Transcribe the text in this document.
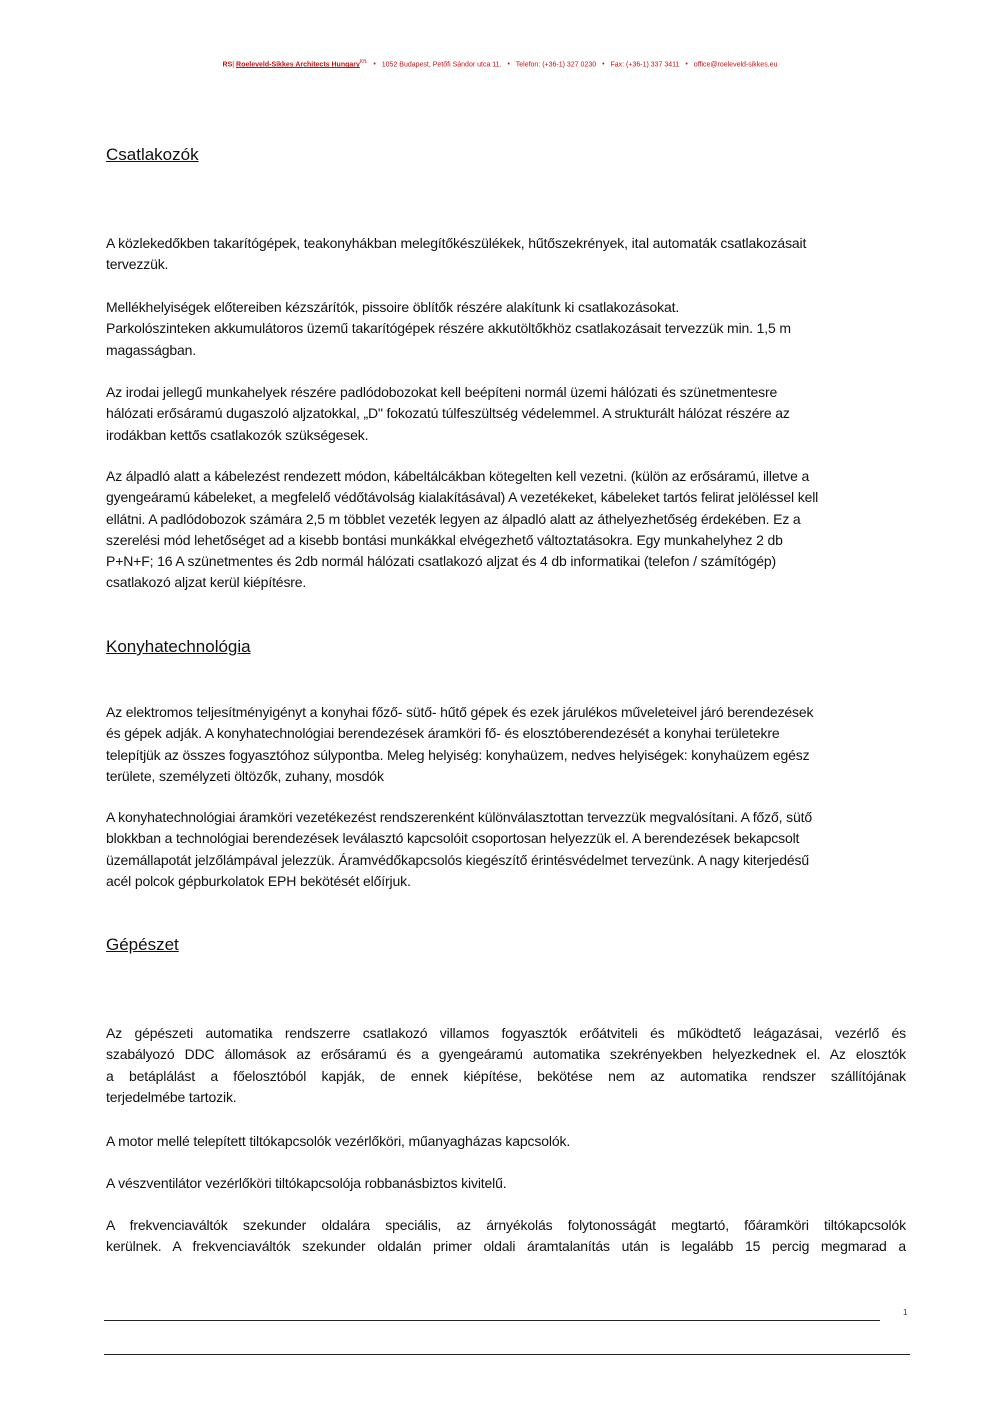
RS| Roeleveld-Sikkes Architects Hungary$^{Kft.}$ • 1052 Budapest, Petőfi Sándor utca 11. • Telefon: (+36-1) 327 0230 • Fax: (+36-1) 337 3411 • office@roeleveld-sikkes.eu
Csatlakozók
A közlekedőkben takarítógépek, teakonyhákban melegítőkészülékek, hűtőszekrények, ital automaták csatlakozásait
tervezzük.
Mellékhelyiségek előtereiben kézszárítók, pissoire öblítők részére alakítunk ki csatlakozásokat.
Parkolószinteken akkumulátoros üzemű takarítógépek részére akkutöltőkhöz csatlakozásait tervezzük min. 1,5 m
magasságban.
Az irodai jellegű munkahelyek részére padlódobozokat kell beépíteni normál üzemi hálózati és szünetmentesre
hálózati erősáramú dugaszoló aljzatokkal, „D" fokozatú túlfeszültség védelemmel. A strukturált hálózat részére az
irodákban kettős csatlakozók szükségesek.
Az álpadló alatt a kábelezést rendezett módon, kábeltálcákban kötegelten kell vezetni. (külön az erősáramú, illetve a
gyengeáramú kábeleket, a megfelelő védőtávolság kialakításával) A vezetékeket, kábeleket tartós felirat jelöléssel kell
ellátni. A padlódobozok számára 2,5 m többlet vezeték legyen az álpadló alatt az áthelyezhetőség érdekében. Ez a
szerelési mód lehetőséget ad a kisebb bontási munkákkal elvégezhető változtatásokra. Egy munkahelyhez 2 db
P+N+F; 16 A szünetmentes és 2db normál hálózati csatlakozó aljzat és 4 db informatikai (telefon / számítógép)
csatlakozó aljzat kerül kiépítésre.
Konyhatechnológia
Az elektromos teljesítményigényt a konyhai főző- sütő- hűtő gépek és ezek járulékos műveleteivel járó berendezések
és gépek adják. A konyhatechnológiai berendezések áramköri fő- és elosztóberendezését a konyhai területekre
telepítjük az összes fogyasztóhoz súlypontba. Meleg helyiség: konyhaüzem, nedves helyiségek: konyhaüzem egész
területe, személyzeti öltözők, zuhany, mosdók
A konyhatechnológiai áramköri vezetékezést rendszerenként különválasztottan tervezzük megvalósítani. A főző, sütő
blokkban a technológiai berendezések leválasztó kapcsolóit csoportosan helyezzük el. A berendezések bekapcsolt
üzemállapotát jelzőlámpával jelezzük. Áramvédőkapcsolós kiegészítő érintésvédelmet tervezünk. A nagy kiterjedésű
acél polcok gépburkolatok EPH bekötését előírjuk.
Gépészet
Az gépészeti automatika rendszerre csatlakozó villamos fogyasztók erőátviteli és működtető leágazásai, vezérlő és
szabályozó DDC állomások az erősáramú és a gyengeáramú automatika szekrényekben helyezkednek el. Az elosztók
a betáplálást a főelosztóból kapják, de ennek kiépítése, bekötése nem az automatika rendszer szállítójának
terjedelmébe tartozik.
A motor mellé telepített tiltókapcsolók vezérlőköri, műanyagházas kapcsolók.
A vészventilátor vezérlőköri tiltókapcsolója robbanásbiztos kivitelű.
A frekvenciaváltók szekunder oldalára speciális, az árnyékolás folytonosságát megtartó, főáramköri tiltókapcsolók
kerülnek. A frekvenciaváltók szekunder oldalán primer oldali áramtalanítás után is legalább 15 percig megmarad a
1
